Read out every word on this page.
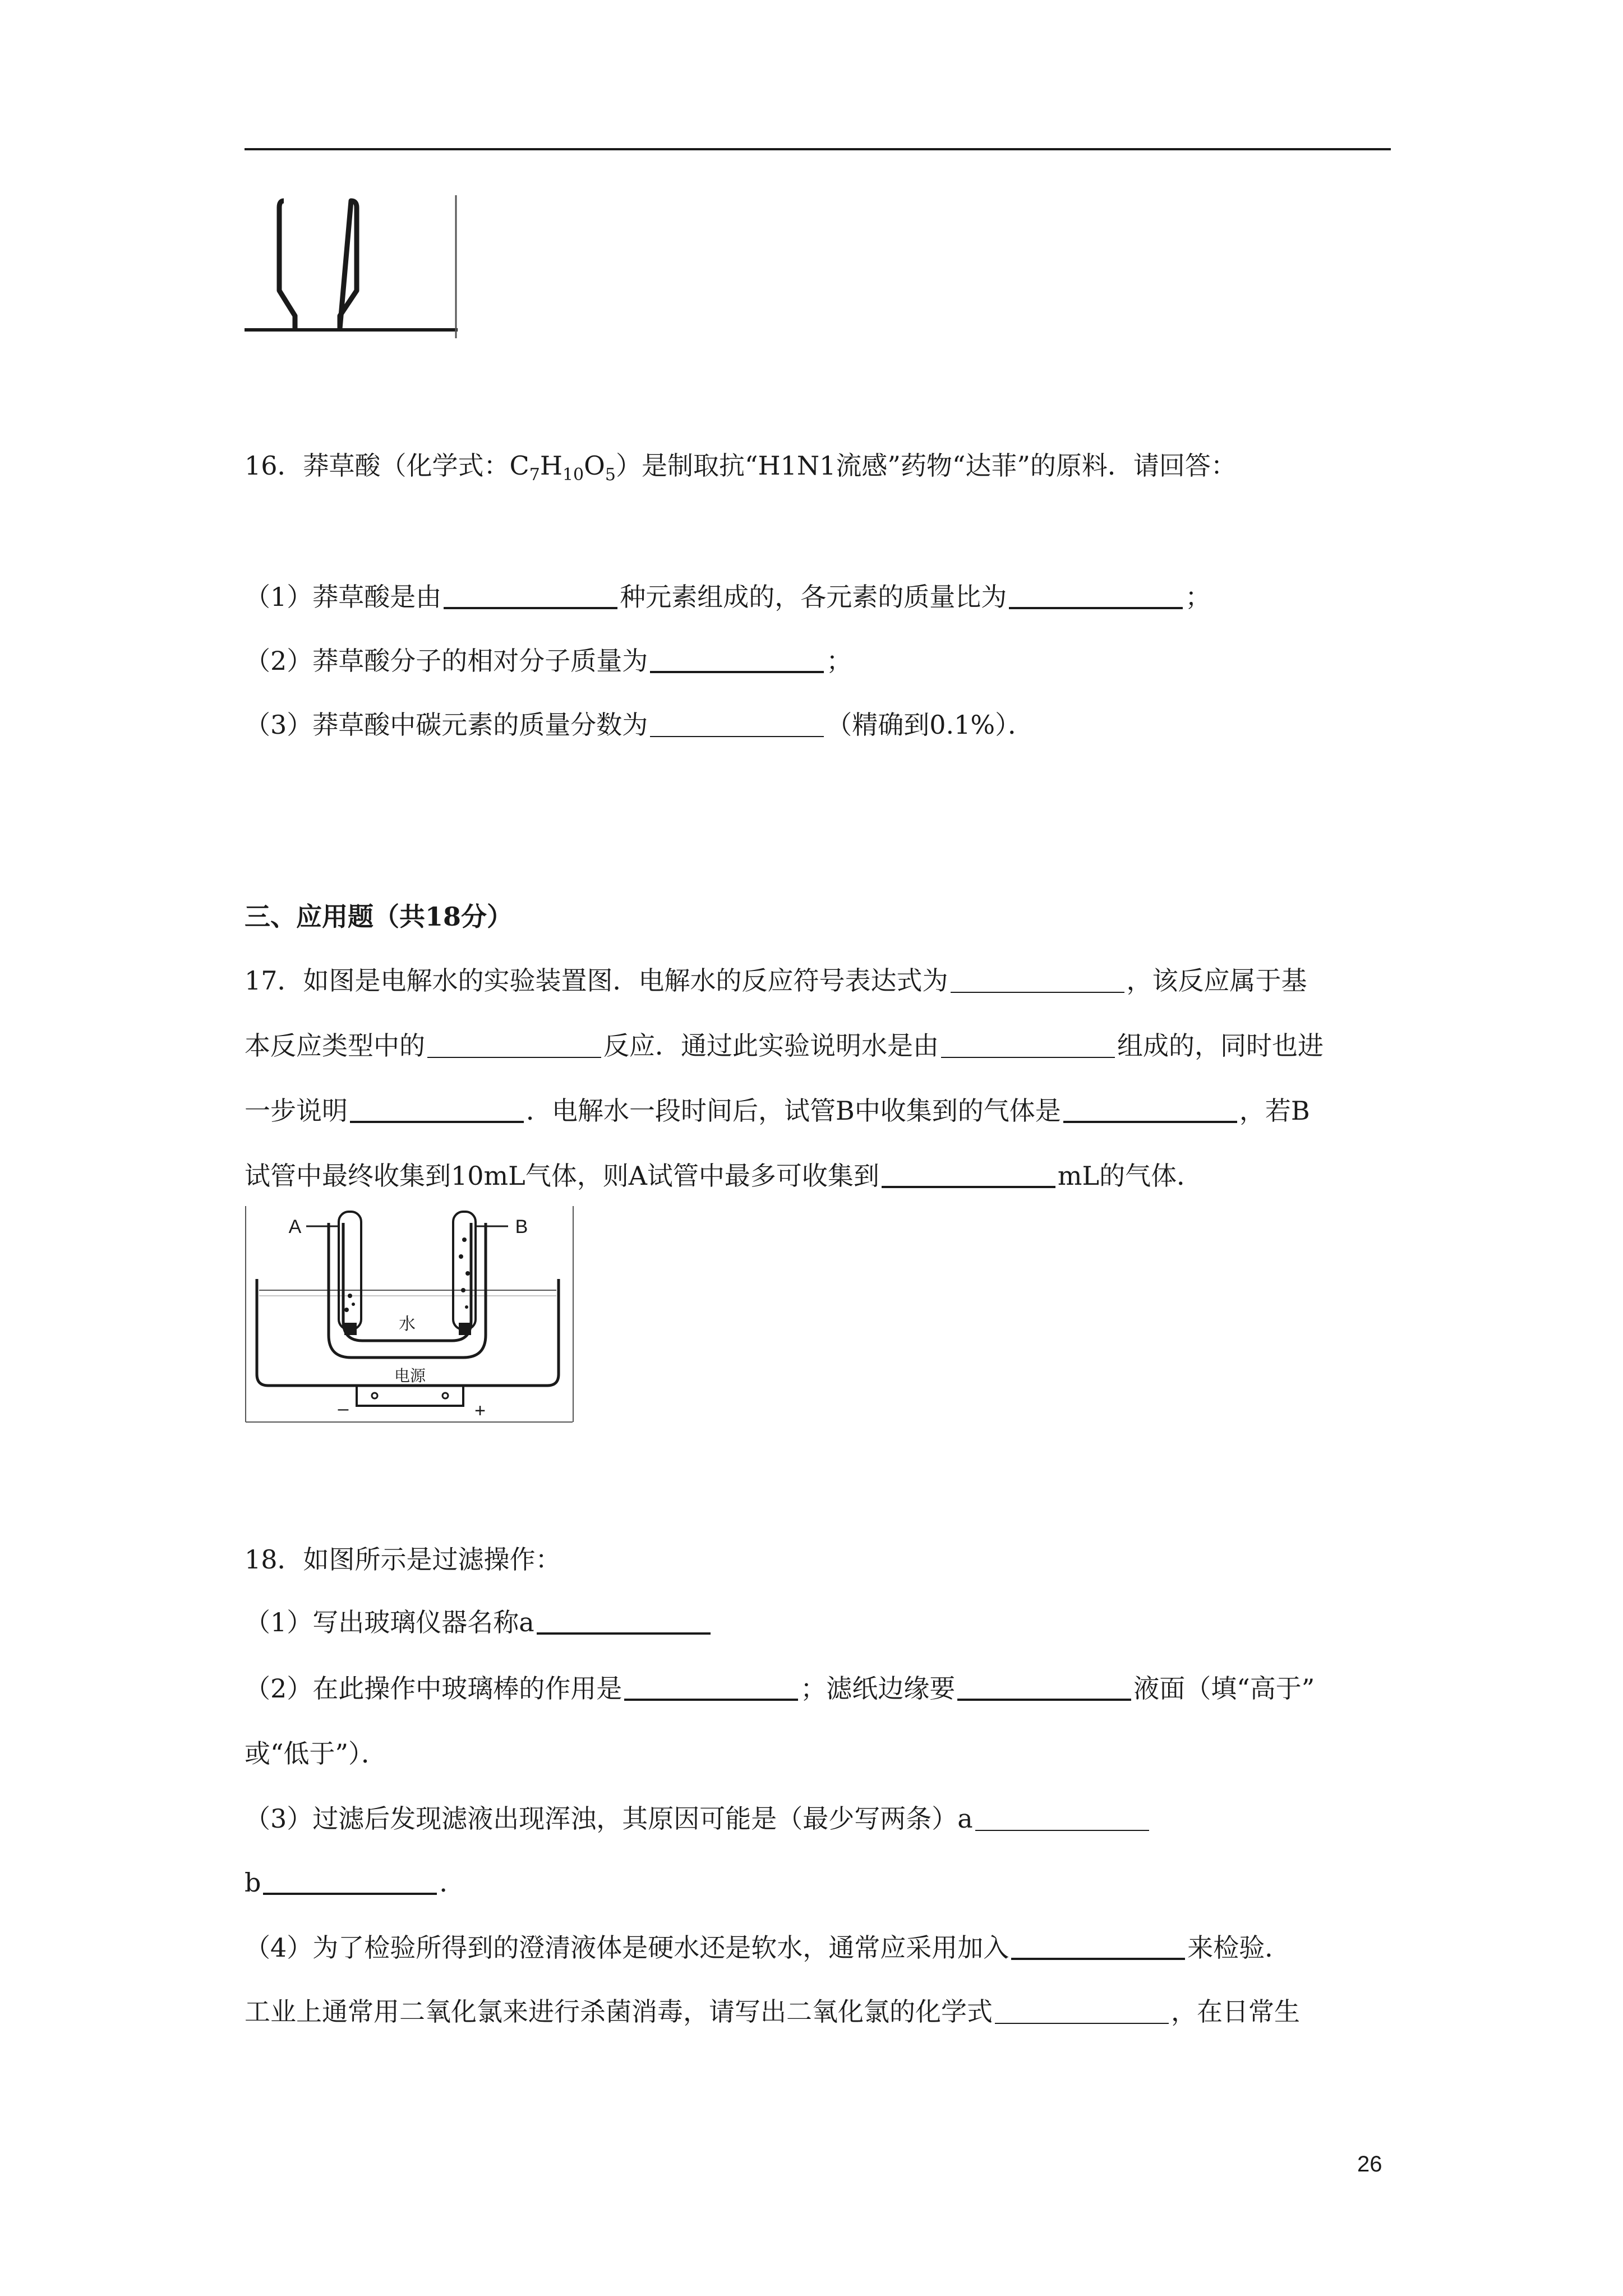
16．莽草酸（化学式：$C_7H_{10}O_5$）是制取抗“H1N1流感”药物“达菲”的原料．请回答：
（1）莽草酸是由	种元素组成的，各元素的质量比为	；
（2）莽草酸分子的相对分子质量为	；
（3）莽草酸中碳元素的质量分数为	（精确到0.1%）．
三、应用题（共18分）
17．如图是电解水的实验装置图．电解水的反应符号表达式为	，该反应属于基
本反应类型中的	反应．通过此实验说明水是由	组成的，同时也进
一步说明	．电解水一段时间后，试管B中收集到的气体是	，若B
试管中最终收集到10mL气体，则A试管中最多可收集到	mL的气体．
A	B
水
电源
–	+
18．如图所示是过滤操作：
（1）写出玻璃仪器名称a
（2）在此操作中玻璃棒的作用是	；滤纸边缘要	液面（填“高于”
或“低于”）．
（3）过滤后发现滤液出现浑浊，其原因可能是（最少写两条）a
b	．
（4）为了检验所得到的澄清液体是硬水还是软水，通常应采用加入	来检验．
工业上通常用二氧化氯来进行杀菌消毒，请写出二氧化氯的化学式	，在日常生
26
